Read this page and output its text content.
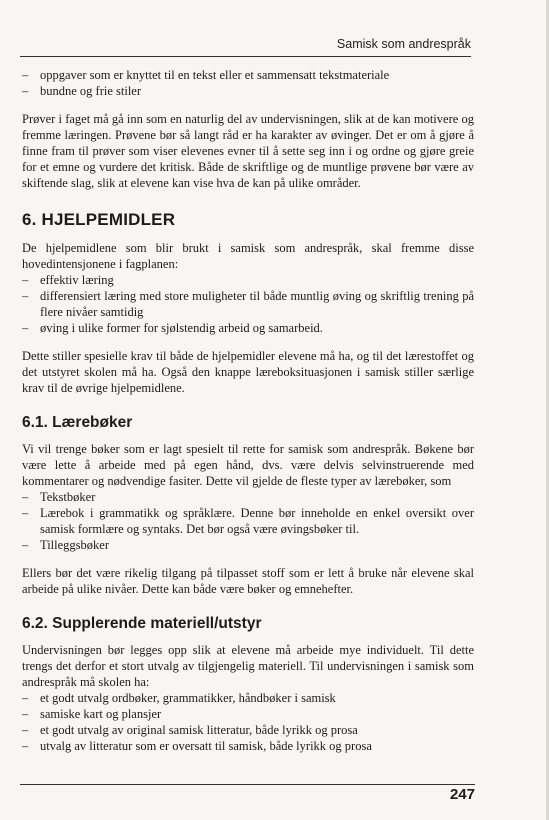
Samisk som andrespråk
– oppgaver som er knyttet til en tekst eller et sammensatt tekstmateriale
– bundne og frie stiler

Prøver i faget må gå inn som en naturlig del av undervisningen, slik at de kan motivere og fremme læringen. Prøvene bør så langt råd er ha karakter av øvinger. Det er om å gjøre å finne fram til prøver som viser elevenes evner til å sette seg inn i og ordne og gjøre greie for et emne og vurdere det kritisk. Både de skriftlige og de muntlige prøvene bør være av skiftende slag, slik at elevene kan vise hva de kan på ulike områder.

6. HJELPEMIDLER

De hjelpemidlene som blir brukt i samisk som andrespråk, skal fremme disse hovedintensjonene i fagplanen:

– effektiv læring
– differensiert læring med store muligheter til både muntlig øving og skriftlig trening på flere nivåer samtidig
– øving i ulike former for sjølstendig arbeid og samarbeid.

Dette stiller spesielle krav til både de hjelpemidler elevene må ha, og til det lærestoffet og det utstyret skolen må ha. Også den knappe læreboksituasjonen i samisk stiller særlige krav til de øvrige hjelpemidlene.

6.1. Lærebøker

Vi vil trenge bøker som er lagt spesielt til rette for samisk som andrespråk. Bøkene bør være lette å arbeide med på egen hånd, dvs. være delvis selvinstruerende med kommentarer og nødvendige fasiter. Dette vil gjelde de fleste typer av lærebøker, som

– Tekstbøker
– Lærebok i grammatikk og språklære. Denne bør inneholde en enkel oversikt over samisk formlære og syntaks. Det bør også være øvingsbøker til.
– Tilleggsbøker

Ellers bør det være rikelig tilgang på tilpasset stoff som er lett å bruke når elevene skal arbeide på ulike nivåer. Dette kan både være bøker og emnehefter.

6.2. Supplerende materiell/utstyr

Undervisningen bør legges opp slik at elevene må arbeide mye individuelt. Til dette trengs det derfor et stort utvalg av tilgjengelig materiell. Til undervisningen i samisk som andrespråk må skolen ha:

– et godt utvalg ordbøker, grammatikker, håndbøker i samisk
– samiske kart og plansjer
– et godt utvalg av original samisk litteratur, både lyrikk og prosa
– utvalg av litteratur som er oversatt til samisk, både lyrikk og prosa
247
